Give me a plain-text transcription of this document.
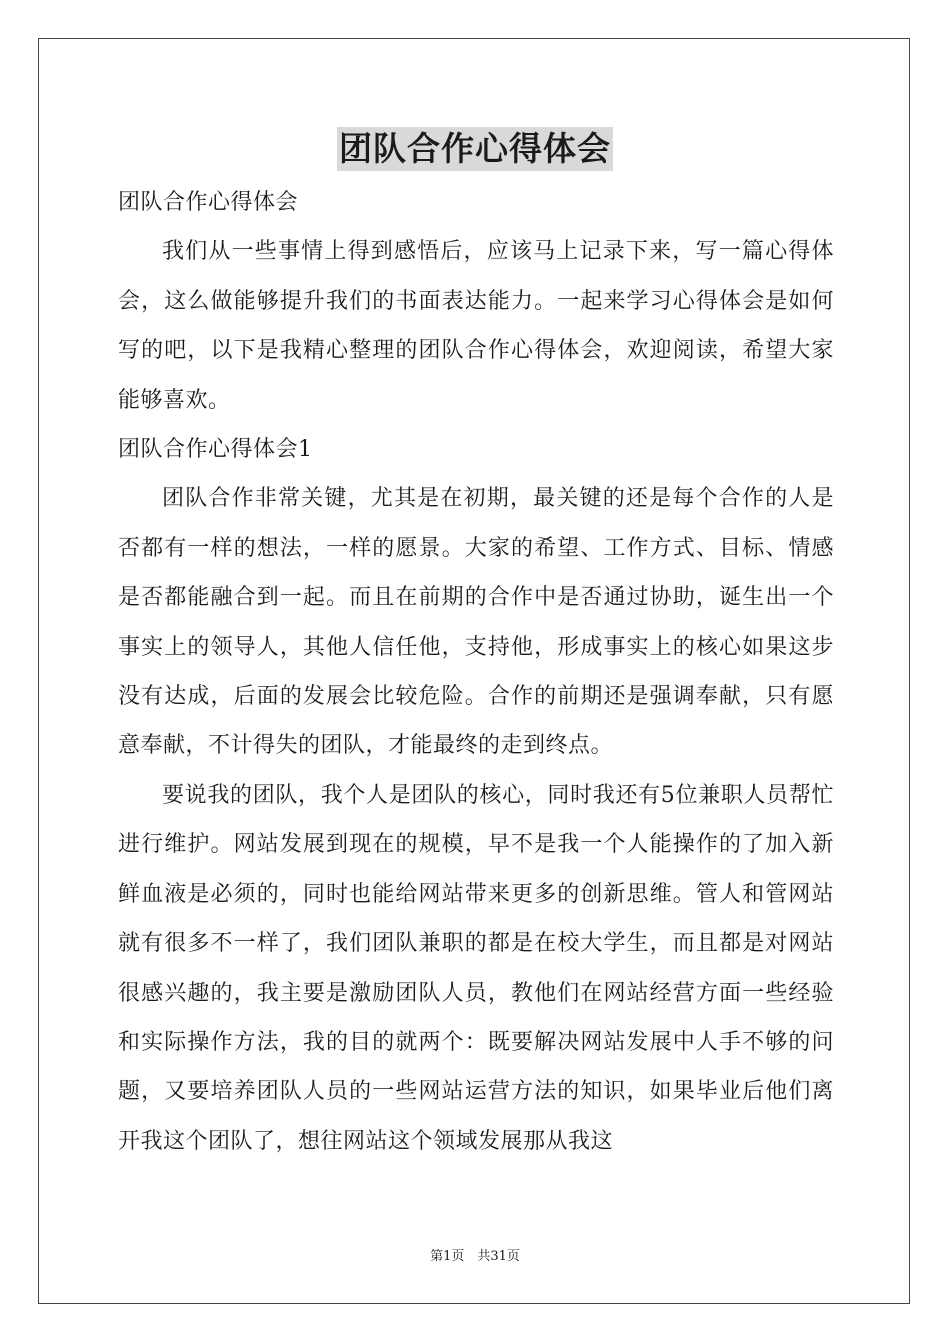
团队合作心得体会

团队合作心得体会

我们从一些事情上得到感悟后，应该马上记录下来，写一篇心得体会，这么做能够提升我们的书面表达能力。一起来学习心得体会是如何写的吧，以下是我精心整理的团队合作心得体会，欢迎阅读，希望大家能够喜欢。

团队合作心得体会1

团队合作非常关键，尤其是在初期，最关键的还是每个合作的人是否都有一样的想法，一样的愿景。大家的希望、工作方式、目标、情感是否都能融合到一起。而且在前期的合作中是否通过协助，诞生出一个事实上的领导人，其他人信任他，支持他，形成事实上的核心如果这步没有达成，后面的发展会比较危险。合作的前期还是强调奉献，只有愿意奉献，不计得失的团队，才能最终的走到终点。

要说我的团队，我个人是团队的核心，同时我还有5位兼职人员帮忙进行维护。网站发展到现在的规模，早不是我一个人能操作的了加入新鲜血液是必须的，同时也能给网站带来更多的创新思维。管人和管网站就有很多不一样了，我们团队兼职的都是在校大学生，而且都是对网站很感兴趣的，我主要是激励团队人员，教他们在网站经营方面一些经验和实际操作方法，我的目的就两个：既要解决网站发展中人手不够的问题，又要培养团队人员的一些网站运营方法的知识，如果毕业后他们离开我这个团队了，想往网站这个领域发展那从我这

第1页　共31页
